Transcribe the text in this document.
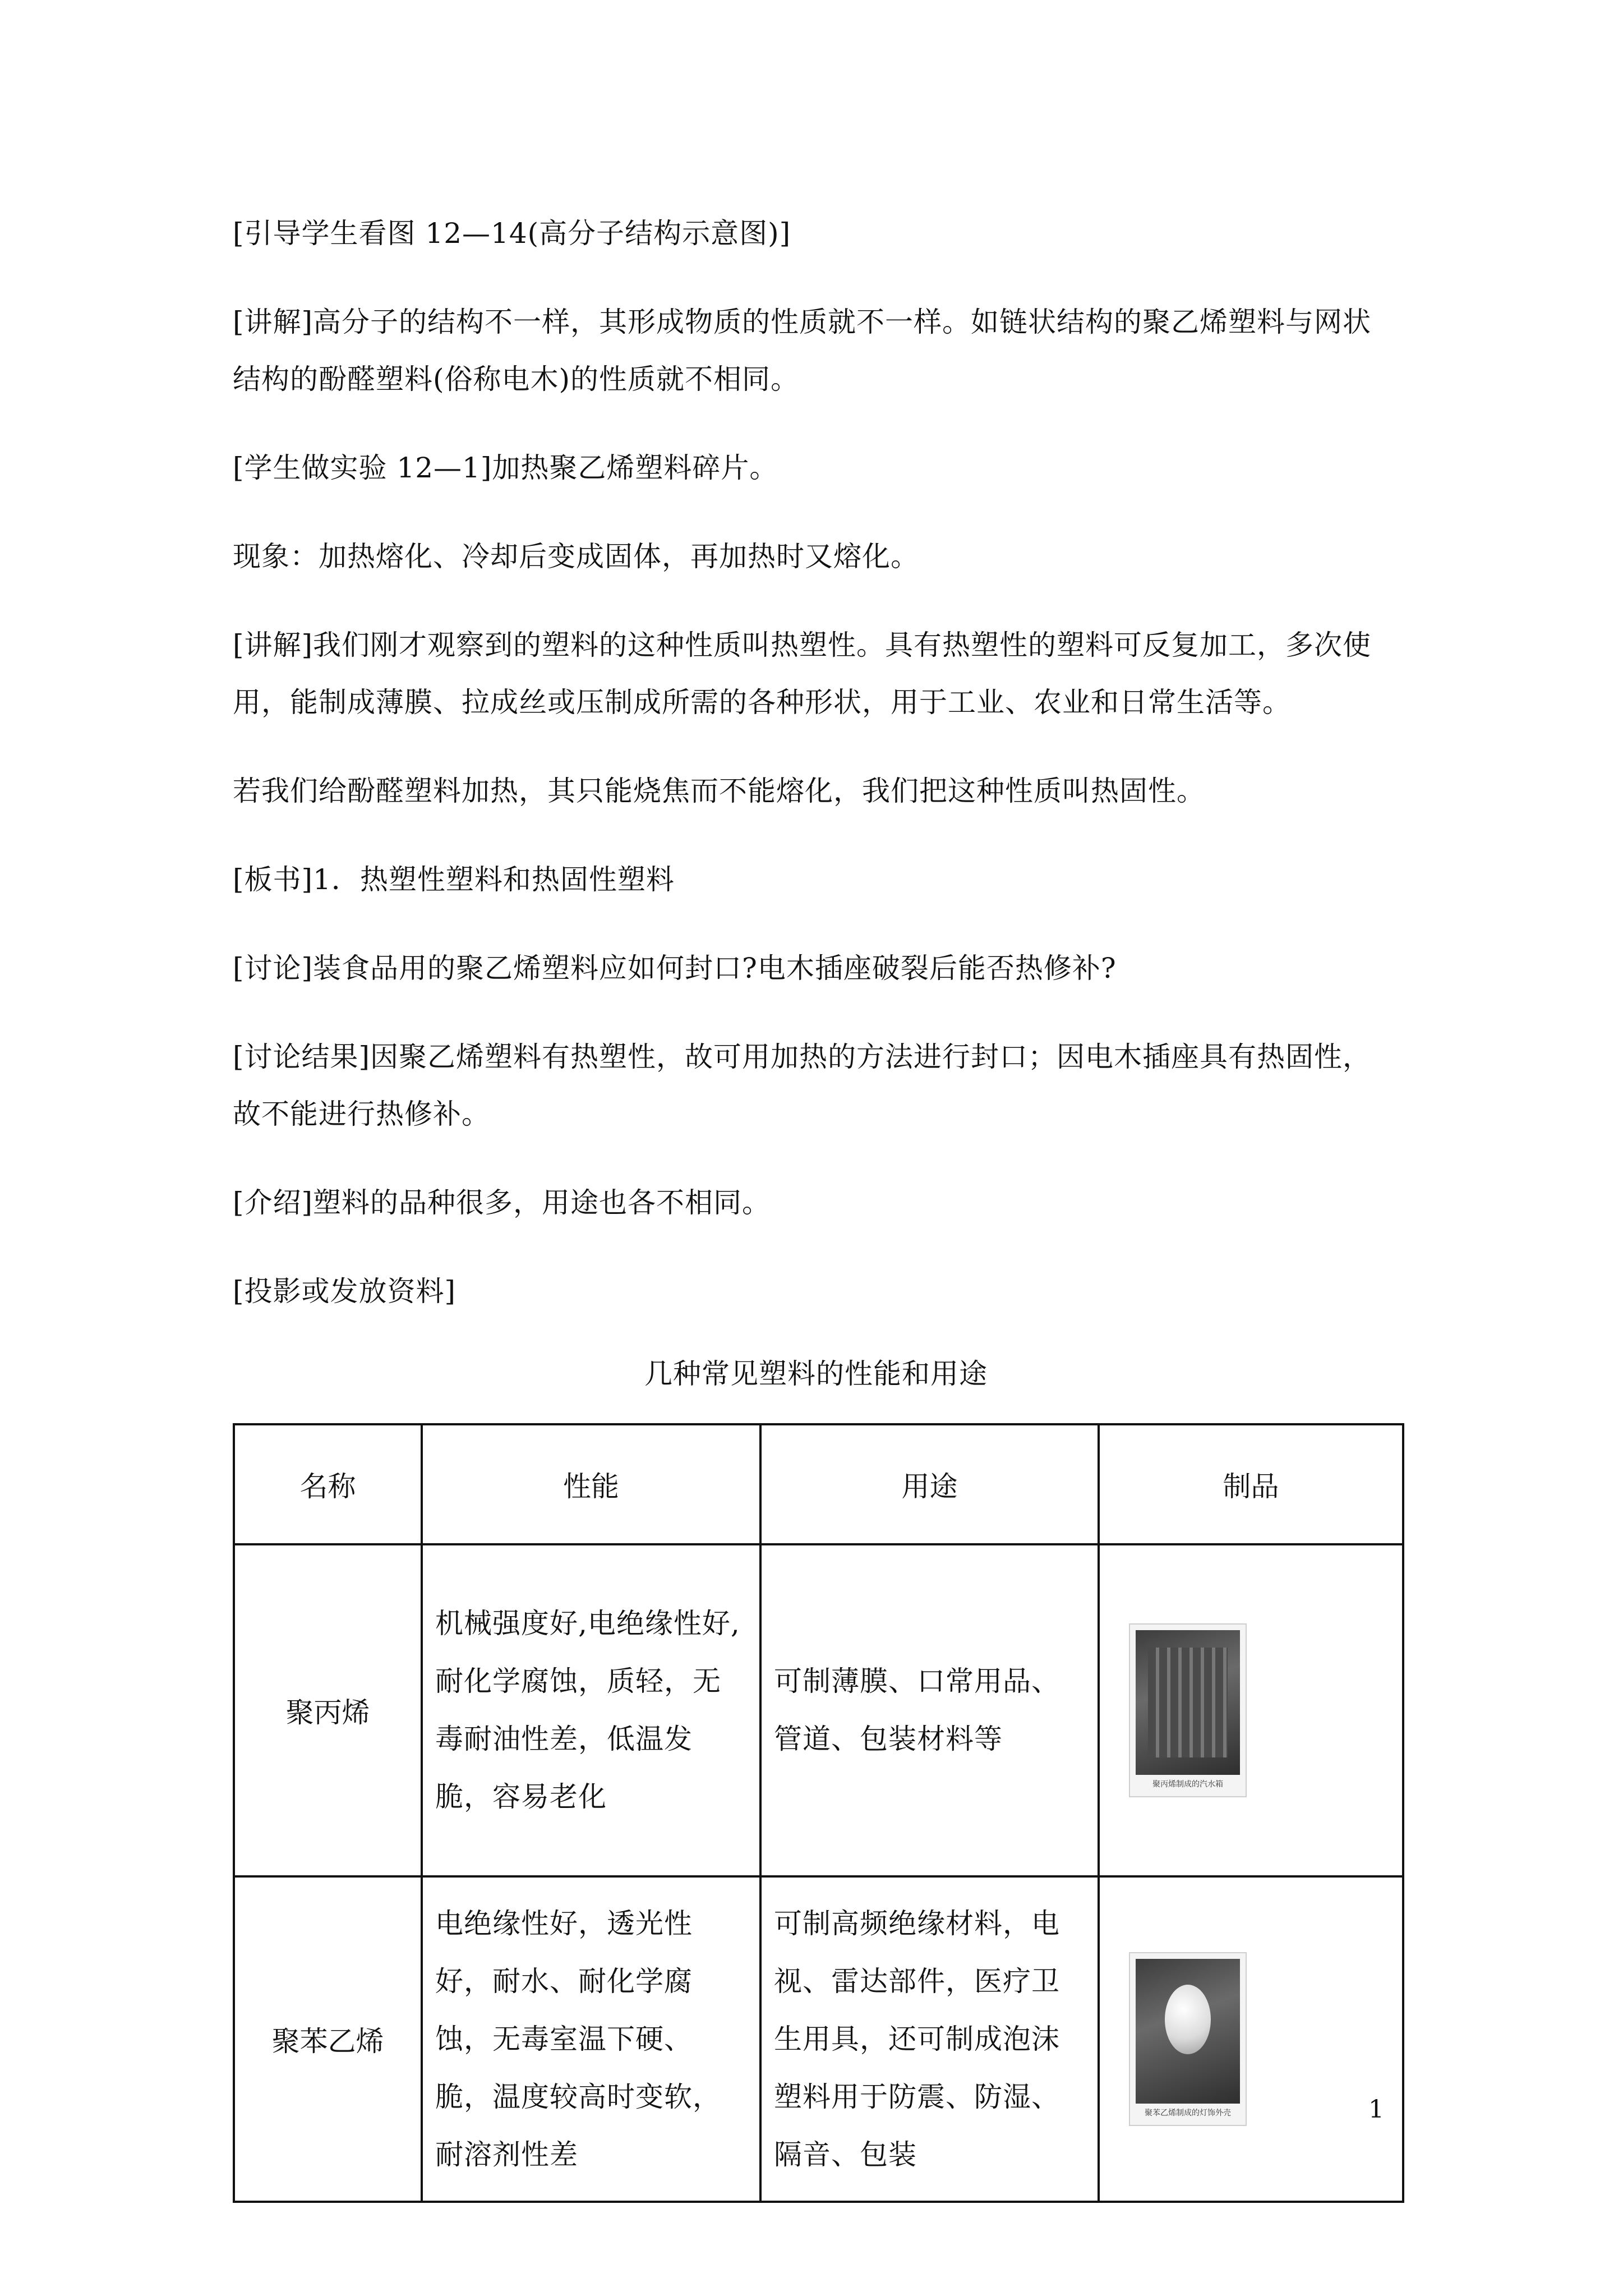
[引导学生看图 12—14(高分子结构示意图)]

[讲解]高分子的结构不一样，其形成物质的性质就不一样。如链状结构的聚乙烯塑料与网状结构的酚醛塑料(俗称电木)的性质就不相同。

[学生做实验 12—1]加热聚乙烯塑料碎片。

现象：加热熔化、冷却后变成固体，再加热时又熔化。

[讲解]我们刚才观察到的塑料的这种性质叫热塑性。具有热塑性的塑料可反复加工，多次使用，能制成薄膜、拉成丝或压制成所需的各种形状，用于工业、农业和日常生活等。

若我们给酚醛塑料加热，其只能烧焦而不能熔化，我们把这种性质叫热固性。

[板书]1．热塑性塑料和热固性塑料

[讨论]装食品用的聚乙烯塑料应如何封口?电木插座破裂后能否热修补?

[讨论结果]因聚乙烯塑料有热塑性，故可用加热的方法进行封口；因电木插座具有热固性，故不能进行热修补。

[介绍]塑料的品种很多，用途也各不相同。

[投影或发放资料]

几种常见塑料的性能和用途
名称	性能	用途	制品
聚丙烯	机械强度好,电绝缘性好,耐化学腐蚀，质轻，无毒耐油性差，低温发脆，容易老化	可制薄膜、口常用品、管道、包装材料等	聚丙烯制成的汽水箱

聚苯乙烯	电绝缘性好，透光性好，耐水、耐化学腐蚀，无毒室温下硬、脆，温度较高时变软，耐溶剂性差	可制高频绝缘材料，电视、雷达部件，医疗卫生用具，还可制成泡沫塑料用于防震、防湿、隔音、包装	聚苯乙烯制成的灯饰外壳	1
